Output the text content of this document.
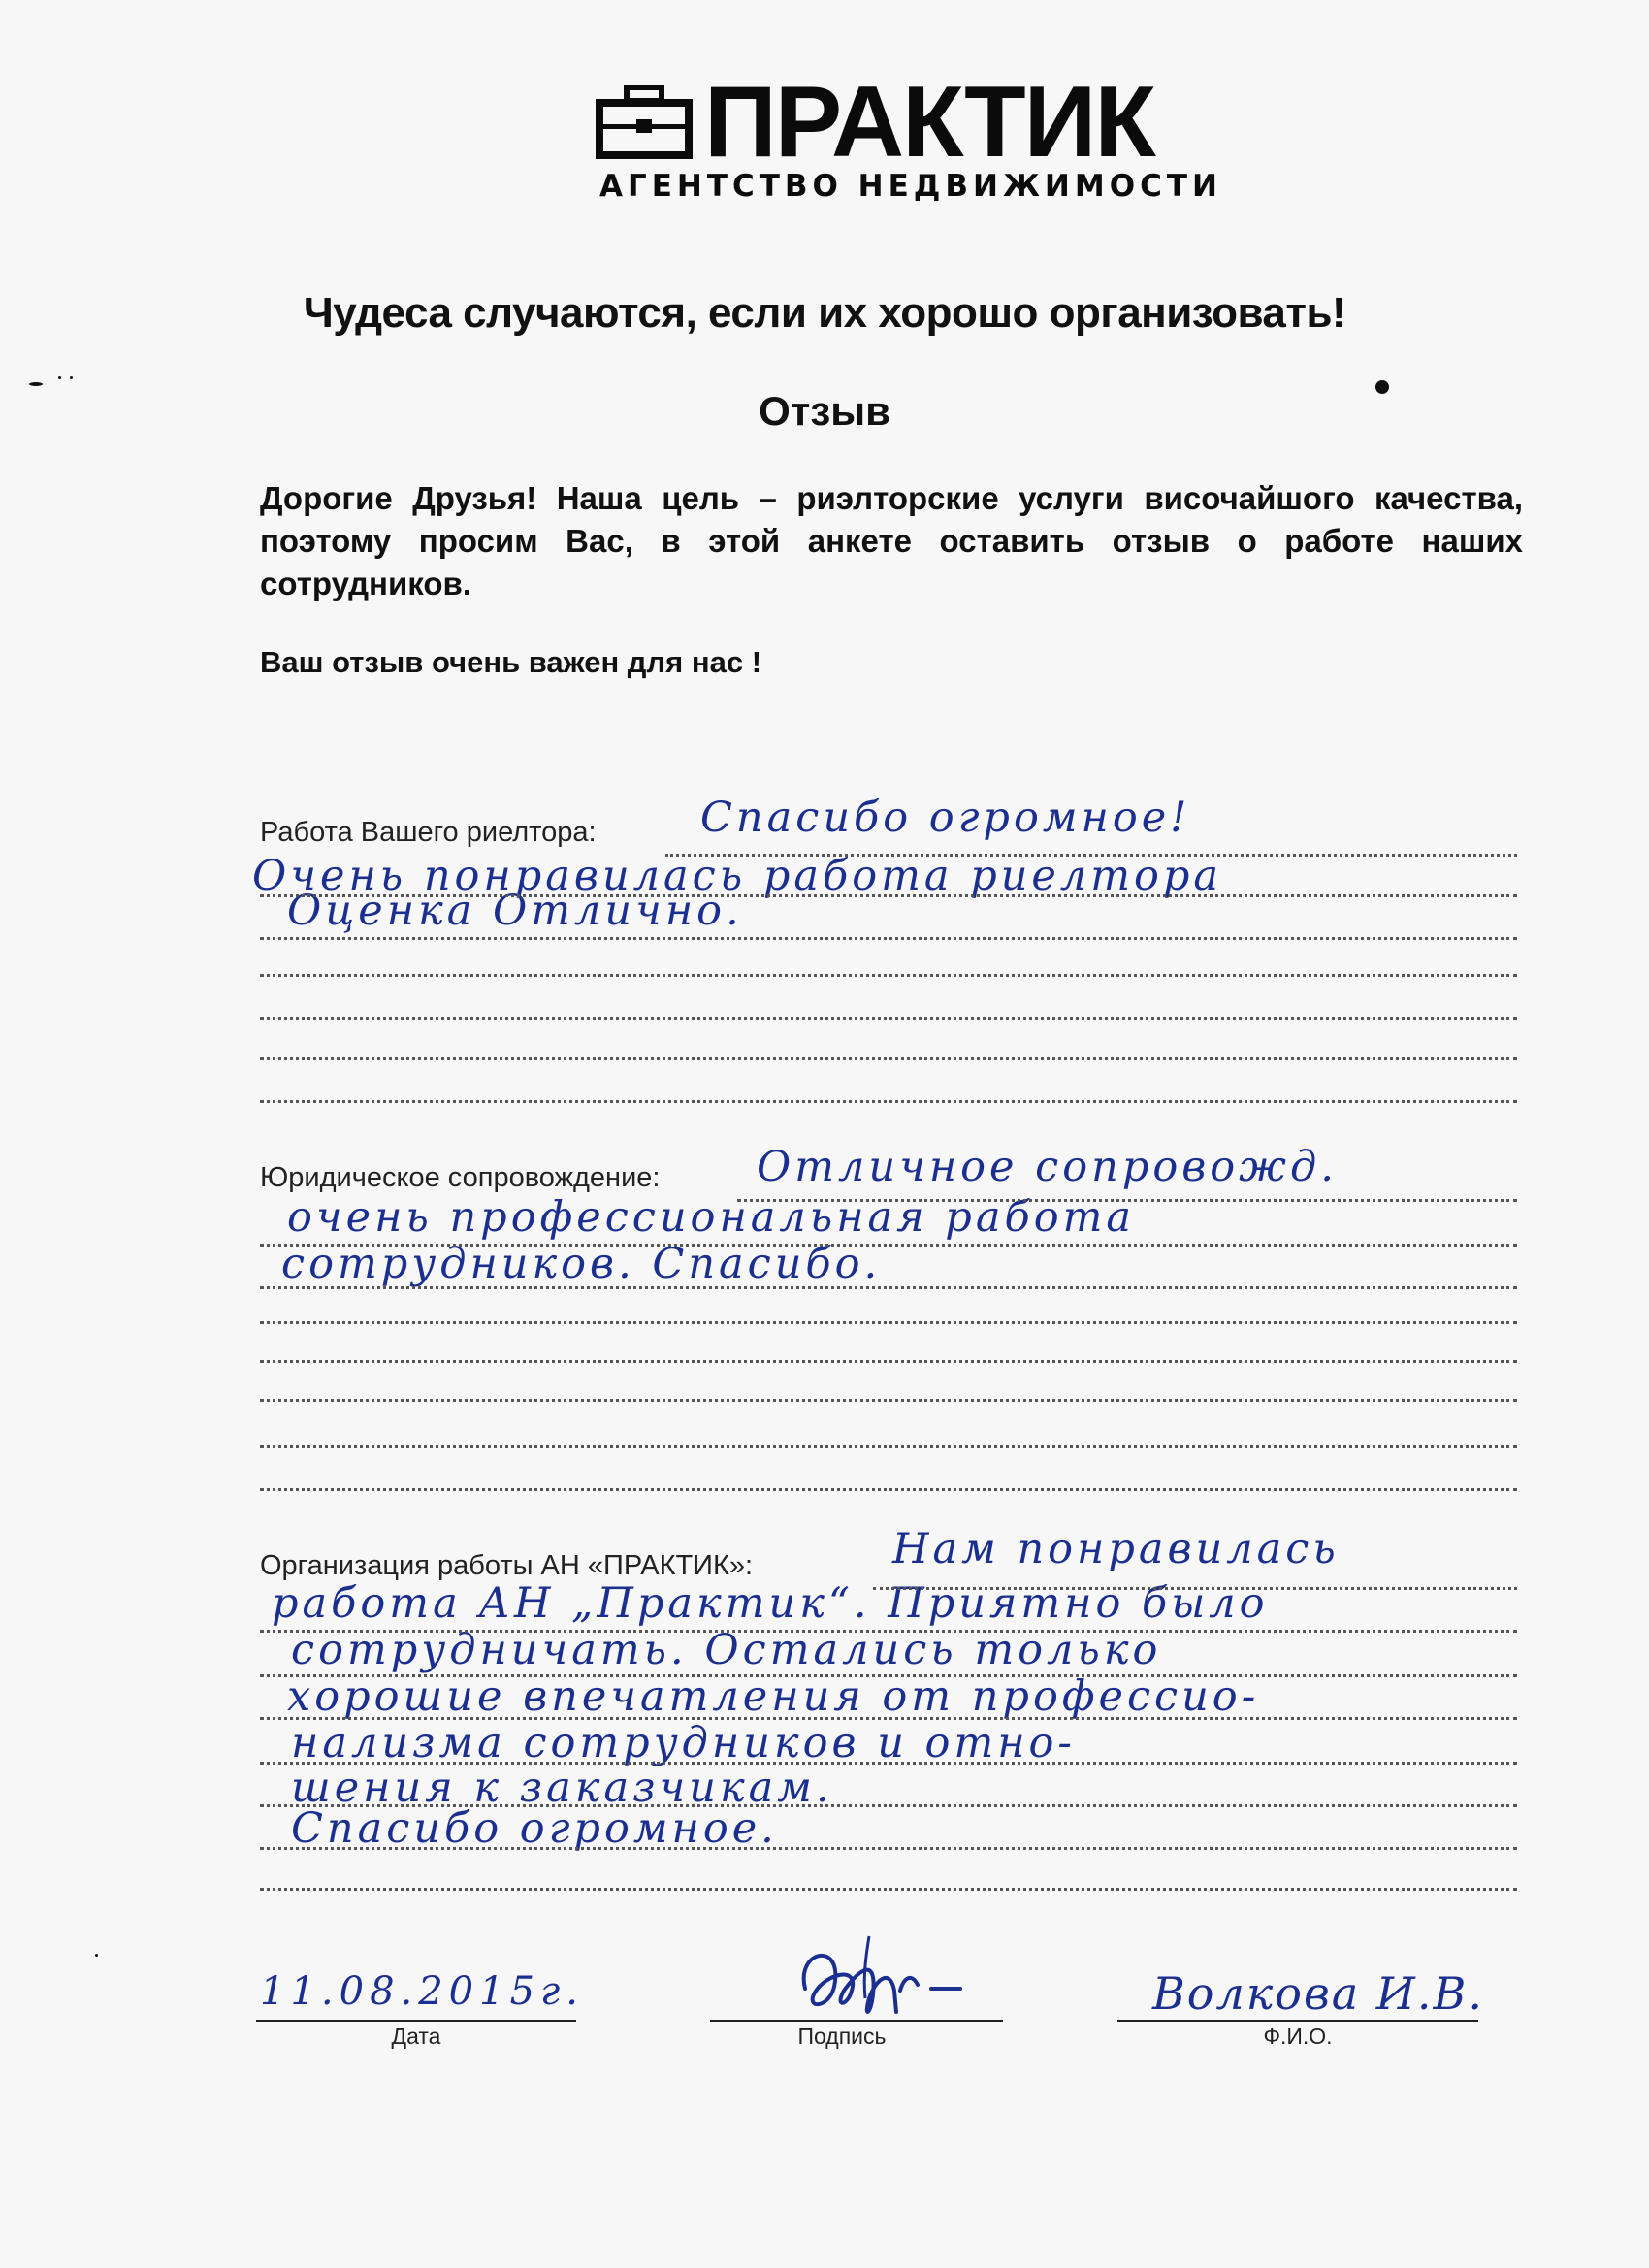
ПРАКТИК
АГЕНТСТВО НЕДВИЖИМОСТИ
Чудеса случаются, если их хорошо организовать!
Отзыв
Дорогие Друзья! Наша цель – риэлторские услуги височайшого качества, поэтому просим Вас, в этой анкете оставить отзыв о работе наших сотрудников.
Ваш отзыв очень важен для нас !
Работа Вашего риелтора: Спасибо огромное!
Очень понравилась работа риелтора
Оценка Отлично.
Юридическое сопровождение: Отличное сопровожд.
очень профессиональная работа
сотрудников. Спасибо.
Организация работы АН «ПРАКТИК»:	Нам понравилась
работа АН „Практик“. Приятно было
сотрудничать. Остались только
хорошие впечатления от профессио-
нализма сотрудников и отно-
шения к заказчикам.
Спасибо огромное.
11.08.2015г.
Дата	Подпись
Волкова И.В.
Ф.И.О.
